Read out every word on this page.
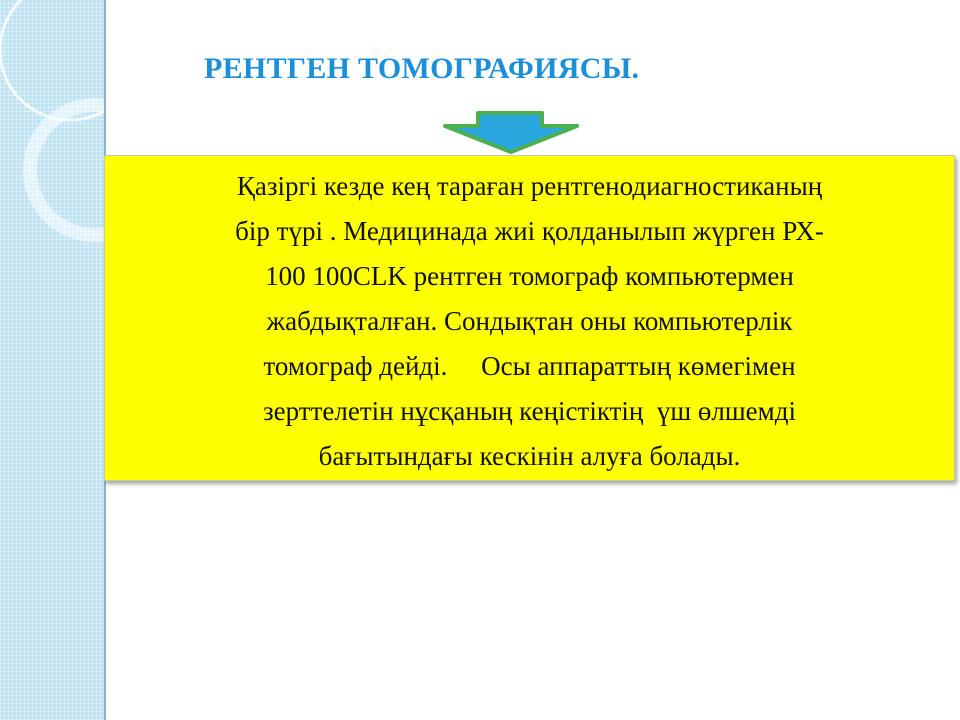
РЕНТГЕН ТОМОГРАФИЯСЫ.
Қазіргі кезде кең тараған рентгенодиагностиканың
бір түрі . Медицинада жиі қолданылып жүрген РХ-
100 100CLK рентген томограф компьютермен
жабдықталған. Сондықтан оны компьютерлік
томограф дейді.     Осы аппараттың көмегімен
зерттелетін нұсқаның кеңістіктің  үш өлшемді
бағытындағы кескінін алуға болады.
